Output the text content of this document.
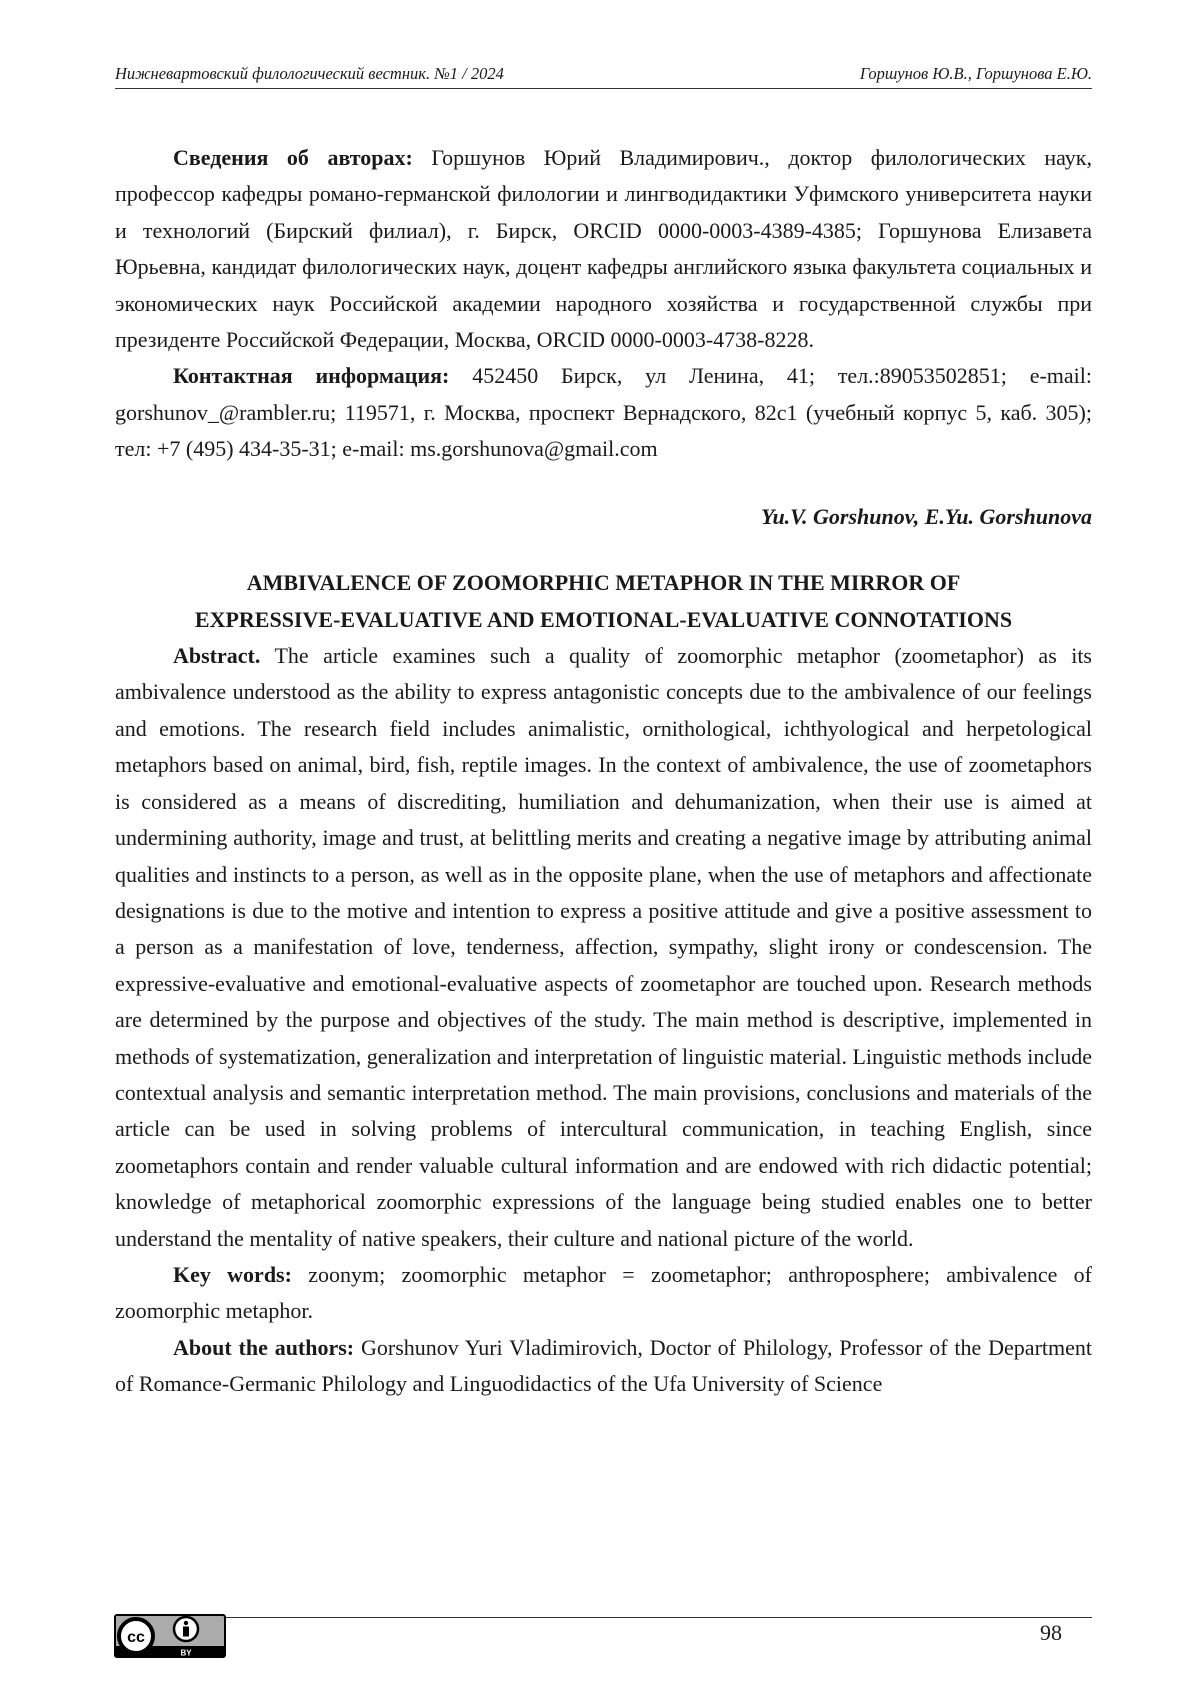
Нижневартовский филологический вестник. №1 / 2024	Горшунов Ю.В., Горшунова Е.Ю.

Сведения об авторах: Горшунов Юрий Владимирович., доктор филологических наук, профессор кафедры романо-германской филологии и лингводидактики Уфимского университета науки и технологий (Бирский филиал), г. Бирск, ORCID 0000-0003-4389-4385; Горшунова Елизавета Юрьевна, кандидат филологических наук, доцент кафедры английского языка факультета социальных и экономических наук Российской академии народного хозяйства и государственной службы при президенте Российской Федерации, Москва, ORCID 0000-0003-4738-8228.

Контактная информация: 452450 Бирск, ул Ленина, 41; тел.:89053502851; e-mail: gorshunov_@rambler.ru; 119571, г. Москва, проспект Вернадского, 82с1 (учебный корпус 5, каб. 305); тел: +7 (495) 434-35-31; e-mail: ms.gorshunova@gmail.com

Yu.V. Gorshunov, E.Yu. Gorshunova
AMBIVALENCE OF ZOOMORPHIC METAPHOR IN THE MIRROR OF
EXPRESSIVE-EVALUATIVE AND EMOTIONAL-EVALUATIVE CONNOTATIONS

Abstract. The article examines such a quality of zoomorphic metaphor (zoometaphor) as its ambivalence understood as the ability to express antagonistic concepts due to the ambivalence of our feelings and emotions. The research field includes animalistic, ornithological, ichthyological and herpetological metaphors based on animal, bird, fish, reptile images. In the context of ambivalence, the use of zoometaphors is considered as a means of discrediting, humiliation and dehumanization, when their use is aimed at undermining authority, image and trust, at belittling merits and creating a negative image by attributing animal qualities and instincts to a person, as well as in the opposite plane, when the use of metaphors and affectionate designations is due to the motive and intention to express a positive attitude and give a positive assessment to a person as a manifestation of love, tenderness, affection, sympathy, slight irony or condescension. The expressive-evaluative and emotional-evaluative aspects of zoometaphor are touched upon. Research methods are determined by the purpose and objectives of the study. The main method is descriptive, implemented in methods of systematization, generalization and interpretation of linguistic material. Linguistic methods include contextual analysis and semantic interpretation method. The main provisions, conclusions and materials of the article can be used in solving problems of intercultural communication, in teaching English, since zoometaphors contain and render valuable cultural information and are endowed with rich didactic potential; knowledge of metaphorical zoomorphic expressions of the language being studied enables one to better understand the mentality of native speakers, their culture and national picture of the world.

Key words: zoonym; zoomorphic metaphor = zoometaphor; anthroposphere; ambivalence of zoomorphic metaphor.

About the authors: Gorshunov Yuri Vladimirovich, Doctor of Philology, Professor of the Department of Romance-Germanic Philology and Linguodidactics of the Ufa University of Science

cc
BY
98
